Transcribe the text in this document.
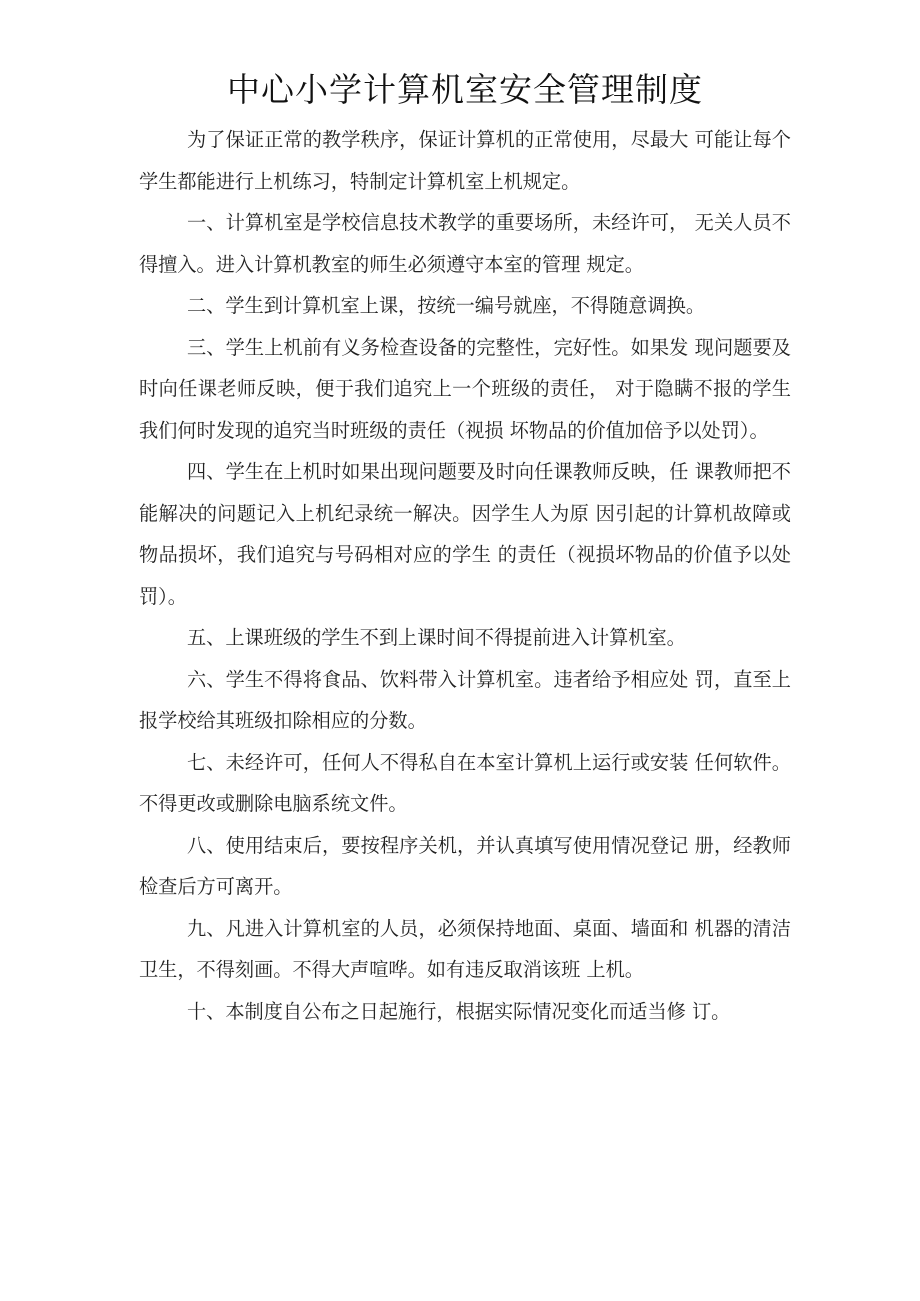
中心小学计算机室安全管理制度

为了保证正常的教学秩序，保证计算机的正常使用，尽最大 可能让每个学生都能进行上机练习，特制定计算机室上机规定。

一、计算机室是学校信息技术教学的重要场所，未经许可， 无关人员不得擅入。进入计算机教室的师生必须遵守本室的管理 规定。

二、学生到计算机室上课，按统一编号就座，不得随意调换。

三、学生上机前有义务检查设备的完整性，完好性。如果发 现问题要及时向任课老师反映，便于我们追究上一个班级的责任， 对于隐瞒不报的学生我们何时发现的追究当时班级的责任（视损 坏物品的价值加倍予以处罚）。

四、学生在上机时如果出现问题要及时向任课教师反映，任 课教师把不能解决的问题记入上机纪录统一解决。因学生人为原 因引起的计算机故障或物品损坏，我们追究与号码相对应的学生 的责任（视损坏物品的价值予以处罚）。

五、上课班级的学生不到上课时间不得提前进入计算机室。

六、学生不得将食品、饮料带入计算机室。违者给予相应处 罚，直至上报学校给其班级扣除相应的分数。

七、未经许可，任何人不得私自在本室计算机上运行或安装 任何软件。不得更改或删除电脑系统文件。

八、使用结束后，要按程序关机，并认真填写使用情况登记 册，经教师检查后方可离开。

九、凡进入计算机室的人员，必须保持地面、桌面、墙面和 机器的清洁卫生，不得刻画。不得大声喧哗。如有违反取消该班 上机。

十、本制度自公布之日起施行，根据实际情况变化而适当修 订。
